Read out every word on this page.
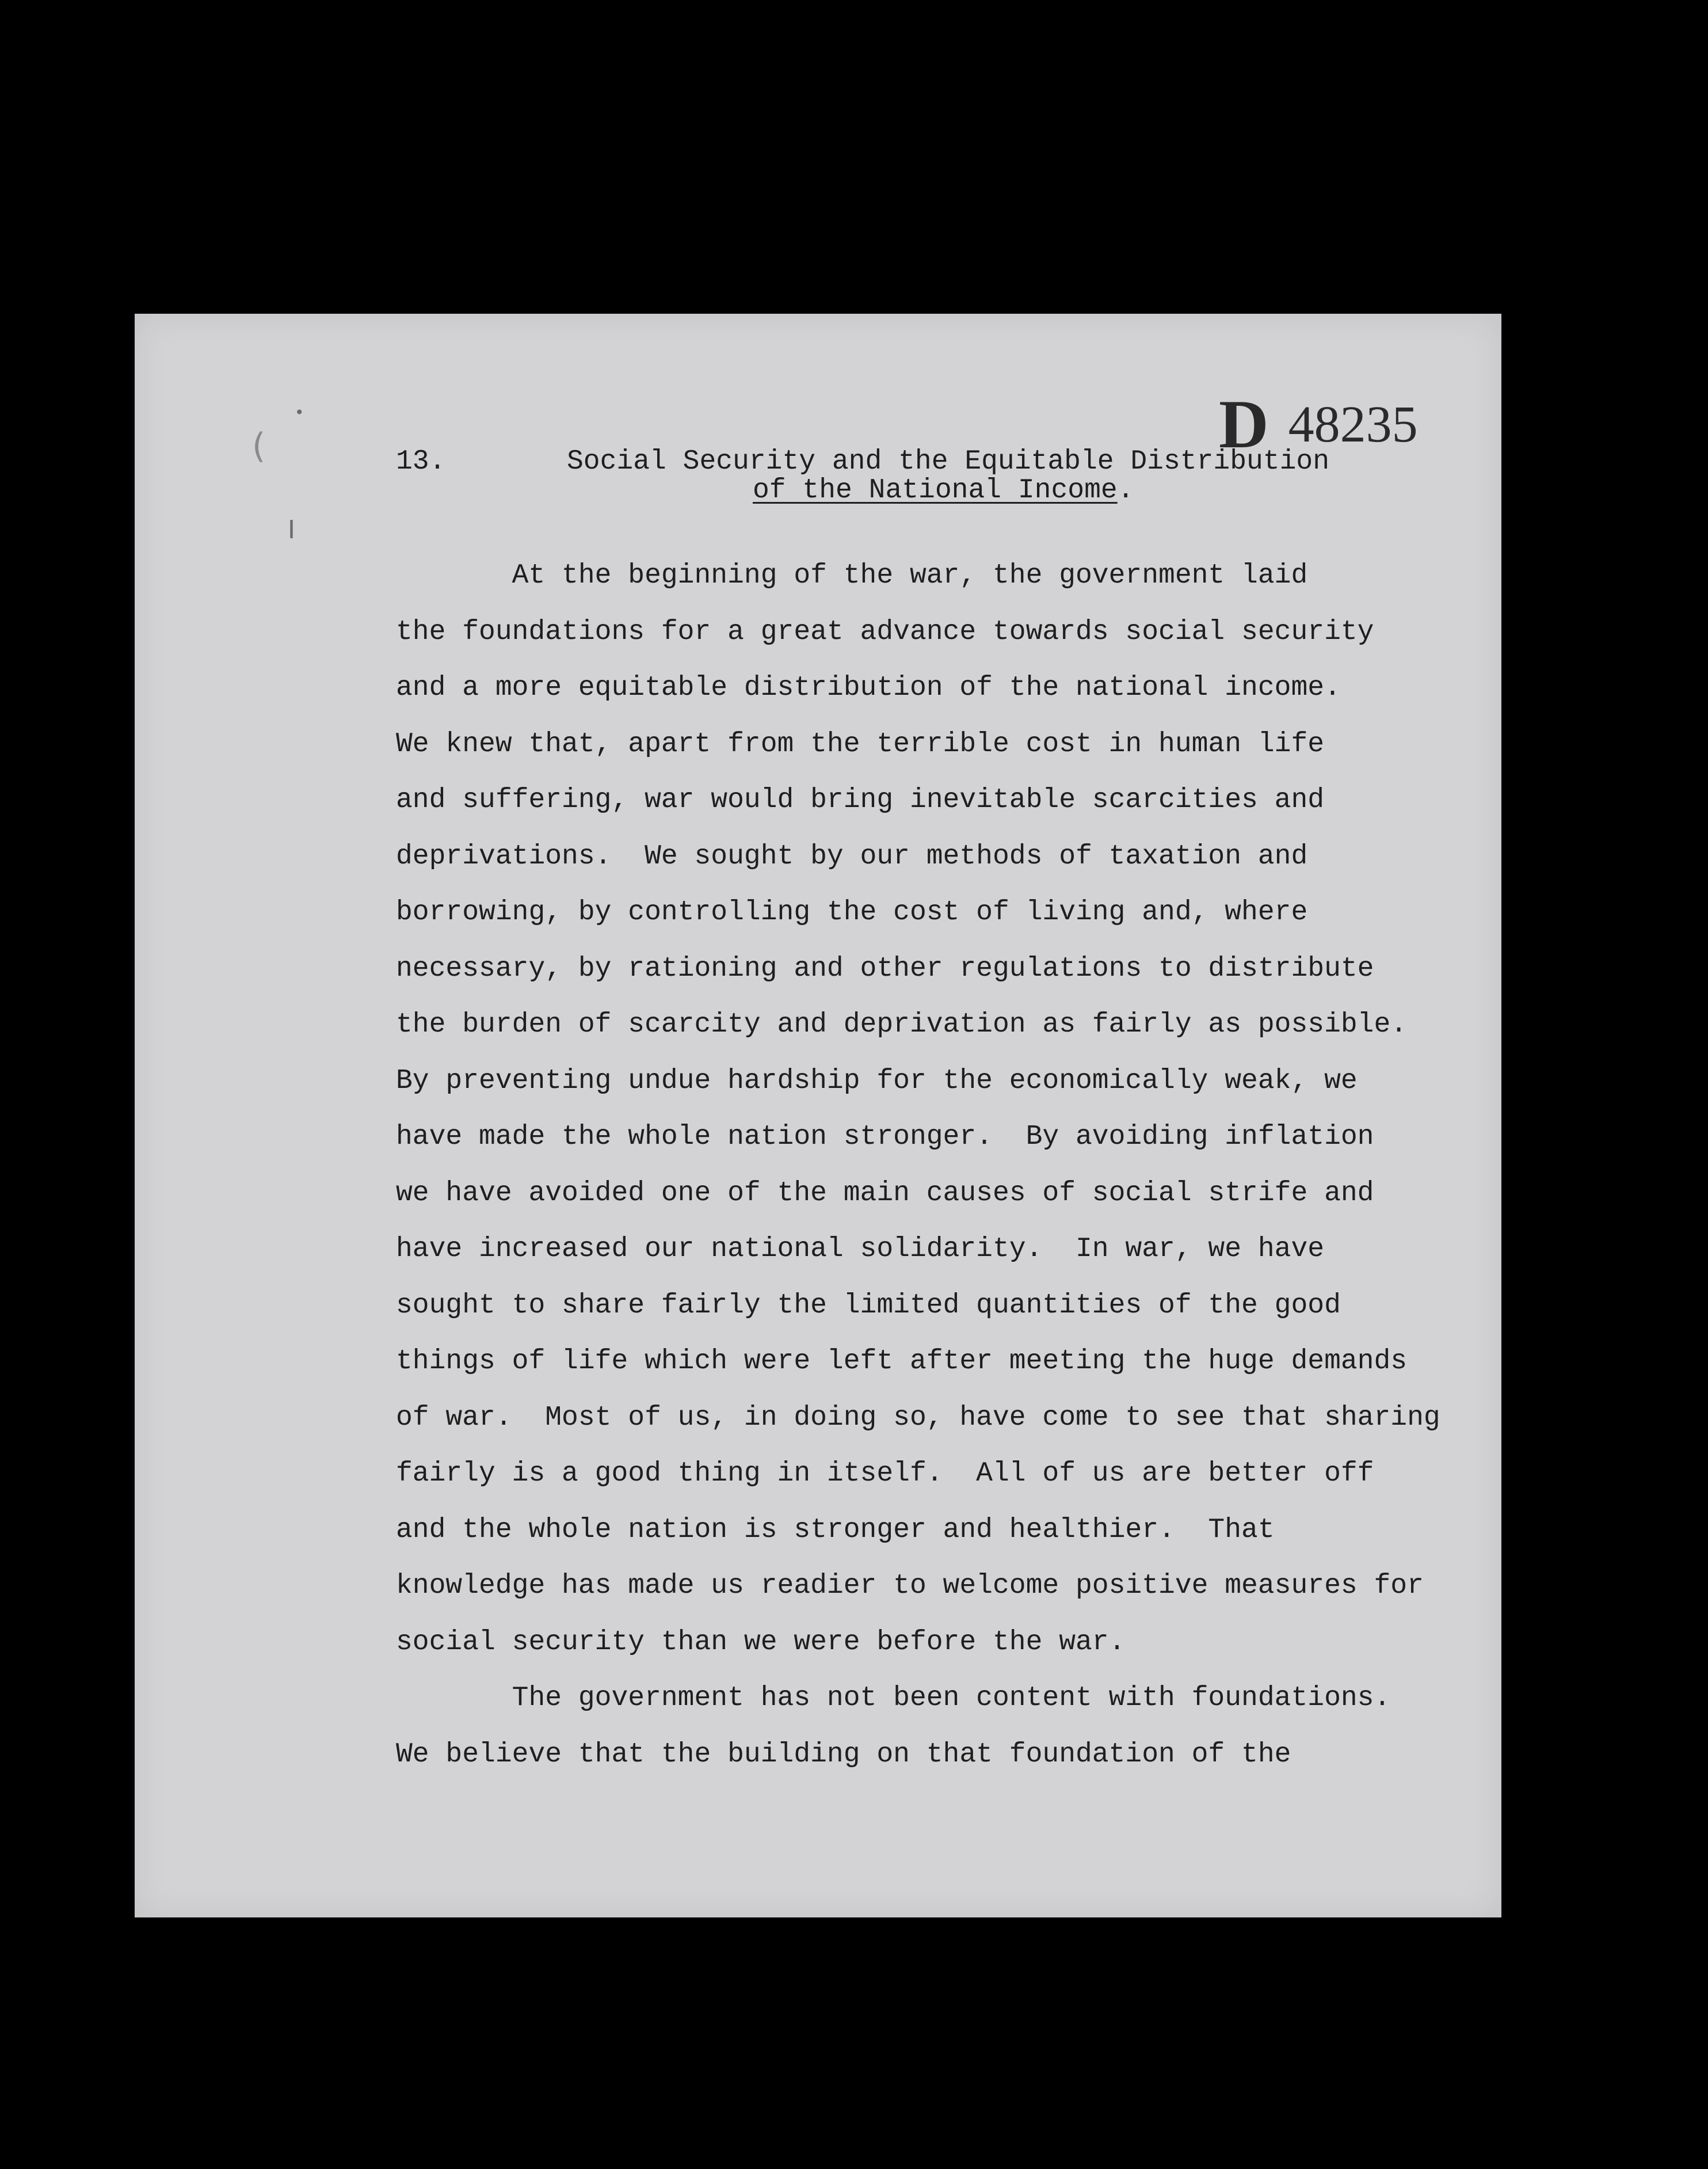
•
(
I
D 48235
13.	Social Security and the Equitable Distribution
of the National Income.
At the beginning of the war, the government laid
the foundations for a great advance towards social security
and a more equitable distribution of the national income.
We knew that, apart from the terrible cost in human life
and suffering, war would bring inevitable scarcities and
deprivations.  We sought by our methods of taxation and
borrowing, by controlling the cost of living and, where
necessary, by rationing and other regulations to distribute
the burden of scarcity and deprivation as fairly as possible.
By preventing undue hardship for the economically weak, we
have made the whole nation stronger.  By avoiding inflation
we have avoided one of the main causes of social strife and
have increased our national solidarity.  In war, we have
sought to share fairly the limited quantities of the good
things of life which were left after meeting the huge demands
of war.  Most of us, in doing so, have come to see that sharing
fairly is a good thing in itself.  All of us are better off
and the whole nation is stronger and healthier.  That
knowledge has made us readier to welcome positive measures for
social security than we were before the war.
The government has not been content with foundations.
We believe that the building on that foundation of the
